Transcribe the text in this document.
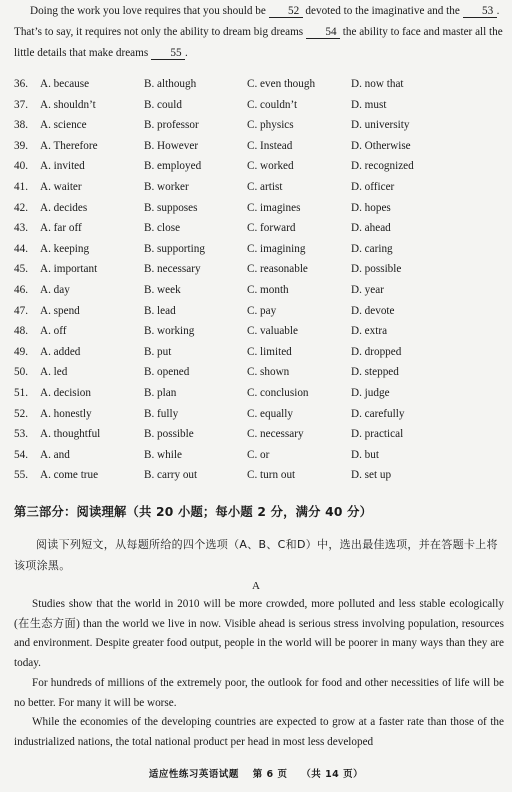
Doing the work you love requires that you should be 52 devoted to the imaginative and the 53 . That’s to say, it requires not only the ability to dream big dreams 54 the ability to face and master all the little details that make dreams 55 .

36. A. because	B. although	C. even though	D. now that
37. A. shouldn’t	B. could	C. couldn’t	D. must
38. A. science	B. professor	C. physics	D. university
39. A. Therefore	B. However	C. Instead	D. Otherwise
40. A. invited	B. employed	C. worked	D. recognized
41. A. waiter	B. worker	C. artist	D. officer
42. A. decides	B. supposes	C. imagines	D. hopes
43. A. far off	B. close	C. forward	D. ahead
44. A. keeping	B. supporting	C. imagining	D. caring
45. A. important	B. necessary	C. reasonable	D. possible
46. A. day	B. week	C. month	D. year
47. A. spend	B. lead	C. pay	D. devote
48. A. off	B. working	C. valuable	D. extra
49. A. added	B. put	C. limited	D. dropped
50. A. led	B. opened	C. shown	D. stepped
51. A. decision	B. plan	C. conclusion	D. judge
52. A. honestly	B. fully	C. equally	D. carefully
53. A. thoughtful	B. possible	C. necessary	D. practical
54. A. and	B. while	C. or	D. but
55. A. come true	B. carry out	C. turn out	D. set up
第三部分：阅读理解（共 20 小题；每小题 2 分，满分 40 分）
阅读下列短文，从每题所给的四个选项（A、B、C和D）中，选出最佳选项，并在答题卡上将该项涂黑。
A

Studies show that the world in 2010 will be more crowded, more polluted and less stable ecologically (在生态方面) than the world we live in now. Visible ahead is serious stress involving population, resources and environment. Despite greater food output, people in the world will be poorer in many ways than they are today.

For hundreds of millions of the extremely poor, the outlook for food and other necessities of life will be no better. For many it will be worse.

While the economies of the developing countries are expected to grow at a faster rate than those of the industrialized nations, the total national product per head in most less developed

适应性练习英语试题 第 6 页 （共 14 页）
